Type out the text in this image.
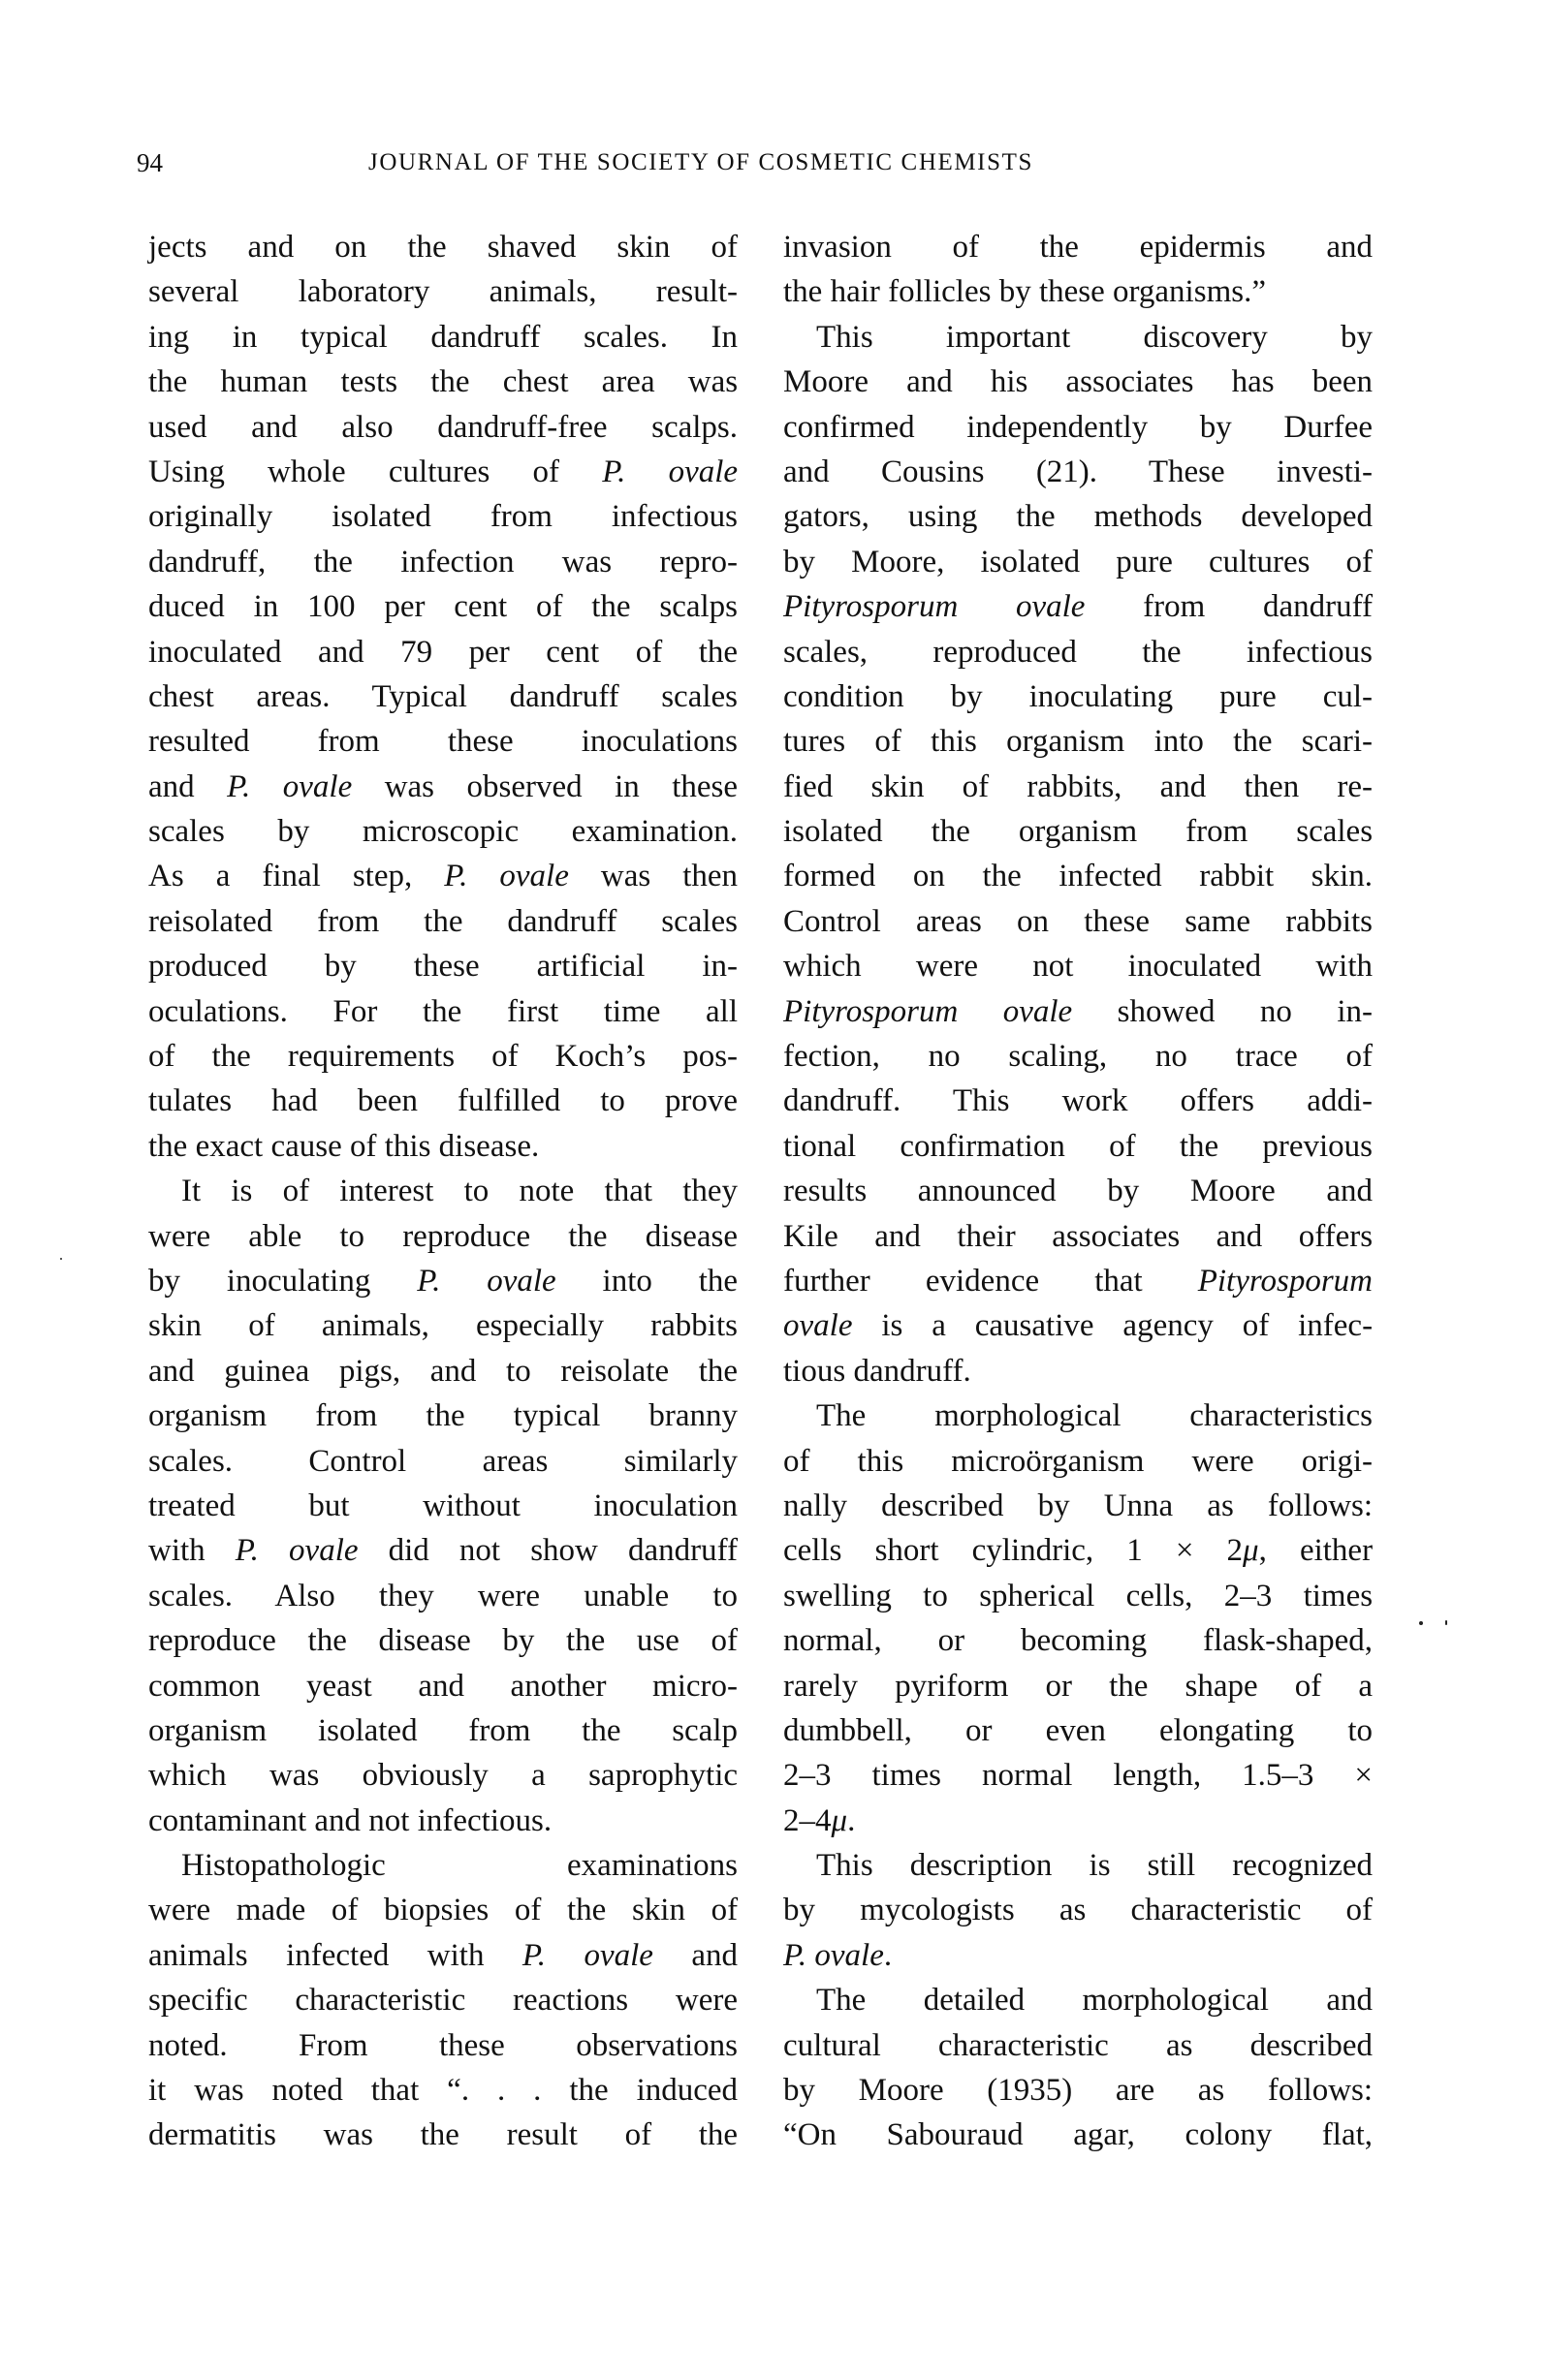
94	JOURNAL OF THE SOCIETY OF COSMETIC CHEMISTS
jects and on the shaved skin of
several laboratory animals, result-
ing in typical dandruff scales. In
the human tests the chest area was
used and also dandruff-free scalps.
Using whole cultures of P. ovale
originally isolated from infectious
dandruff, the infection was repro-
duced in 100 per cent of the scalps
inoculated and 79 per cent of the
chest areas. Typical dandruff scales
resulted from these inoculations
and P. ovale was observed in these
scales by microscopic examination.
As a final step, P. ovale was then
reisolated from the dandruff scales
produced by these artificial in-
oculations. For the first time all
of the requirements of Koch’s pos-
tulates had been fulfilled to prove
the exact cause of this disease.
It is of interest to note that they
were able to reproduce the disease
by inoculating P. ovale into the
skin of animals, especially rabbits
and guinea pigs, and to reisolate the
organism from the typical branny
scales. Control areas similarly
treated but without inoculation
with P. ovale did not show dandruff
scales. Also they were unable to
reproduce the disease by the use of
common yeast and another micro-
organism isolated from the scalp
which was obviously a saprophytic
contaminant and not infectious.
Histopathologic	examinations
were made of biopsies of the skin of
animals infected with P. ovale and
specific characteristic reactions were
noted. From these observations
it was noted that “. . . the induced
dermatitis was the result of the
invasion of the epidermis and
the hair follicles by these organisms.”
This important discovery by
Moore and his associates has been
confirmed independently by Durfee
and Cousins (21). These investi-
gators, using the methods developed
by Moore, isolated pure cultures of
Pityrosporum ovale from dandruff
scales, reproduced the infectious
condition by inoculating pure cul-
tures of this organism into the scari-
fied skin of rabbits, and then re-
isolated the organism from scales
formed on the infected rabbit skin.
Control areas on these same rabbits
which were not inoculated with
Pityrosporum ovale showed no in-
fection, no scaling, no trace of
dandruff. This work offers addi-
tional confirmation of the previous
results announced by Moore and
Kile and their associates and offers
further evidence that Pityrosporum
ovale is a causative agency of infec-
tious dandruff.
The morphological characteristics
of this microörganism were origi-
nally described by Unna as follows:
cells short cylindric, 1 × 2μ, either
swelling to spherical cells, 2–3 times
normal, or becoming flask-shaped,
rarely pyriform or the shape of a
dumbbell, or even elongating to
2–3 times normal length, 1.5–3 ×
2–4μ.
This description is still recognized
by mycologists as characteristic of
P. ovale.
The detailed morphological and
cultural characteristic as described
by Moore (1935) are as follows:
“On Sabouraud agar, colony flat,
